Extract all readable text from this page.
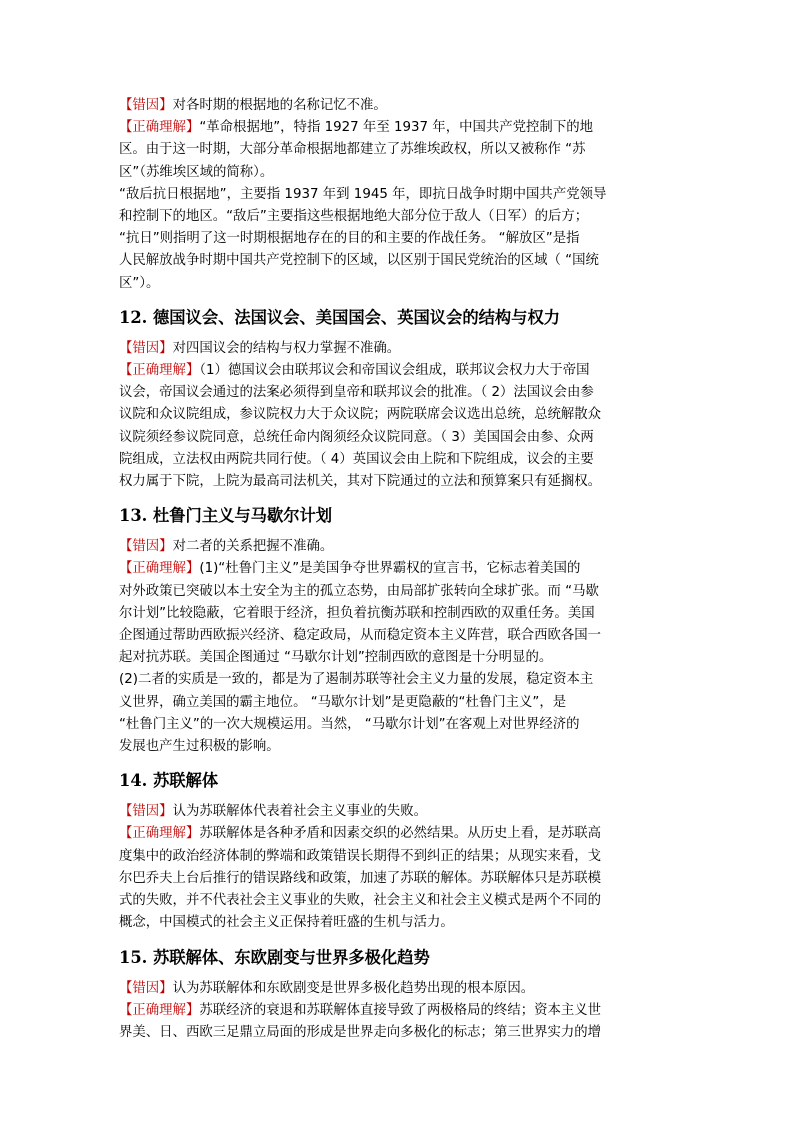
【错因】对各时期的根据地的名称记忆不准。

【正确理解】“革命根据地”，特指 1927 年至 1937 年，中国共产党控制下的地

区。由于这一时期，大部分革命根据地都建立了苏维埃政权，所以又被称作 “苏

区”（苏维埃区域的简称）。

“敌后抗日根据地”，主要指 1937 年到 1945 年，即抗日战争时期中国共产党领导

和控制下的地区。“敌后”主要指这些根据地绝大部分位于敌人（日军）的后方；

“抗日”则指明了这一时期根据地存在的目的和主要的作战任务。 “解放区”是指

人民解放战争时期中国共产党控制下的区域，以区别于国民党统治的区域（ “国统

区”）。

12. 德国议会、法国议会、美国国会、英国议会的结构与权力

【错因】对四国议会的结构与权力掌握不准确。

【正确理解】（1）德国议会由联邦议会和帝国议会组成，联邦议会权力大于帝国

议会，帝国议会通过的法案必须得到皇帝和联邦议会的批准。（ 2）法国议会由参

议院和众议院组成，参议院权力大于众议院；两院联席会议选出总统，总统解散众

议院须经参议院同意，总统任命内阁须经众议院同意。（ 3）美国国会由参、众两

院组成，立法权由两院共同行使。（ 4）英国议会由上院和下院组成，议会的主要

权力属于下院，上院为最高司法机关，其对下院通过的立法和预算案只有延搁权。

13. 杜鲁门主义与马歇尔计划

【错因】对二者的关系把握不准确。

【正确理解】(1)“杜鲁门主义”是美国争夺世界霸权的宣言书，它标志着美国的

对外政策已突破以本土安全为主的孤立态势，由局部扩张转向全球扩张。而 “马歇

尔计划”比较隐蔽，它着眼于经济，担负着抗衡苏联和控制西欧的双重任务。美国

企图通过帮助西欧振兴经济、稳定政局，从而稳定资本主义阵营，联合西欧各国一

起对抗苏联。美国企图通过 “马歇尔计划”控制西欧的意图是十分明显的。

(2)二者的实质是一致的，都是为了遏制苏联等社会主义力量的发展，稳定资本主

义世界，确立美国的霸主地位。 “马歇尔计划”是更隐蔽的“杜鲁门主义”，是

“杜鲁门主义”的一次大规模运用。当然， “马歇尔计划”在客观上对世界经济的

发展也产生过积极的影响。

14. 苏联解体

【错因】认为苏联解体代表着社会主义事业的失败。

【正确理解】苏联解体是各种矛盾和因素交织的必然结果。从历史上看，是苏联高

度集中的政治经济体制的弊端和政策错误长期得不到纠正的结果；从现实来看，戈

尔巴乔夫上台后推行的错误路线和政策，加速了苏联的解体。苏联解体只是苏联模

式的失败，并不代表社会主义事业的失败，社会主义和社会主义模式是两个不同的

概念，中国模式的社会主义正保持着旺盛的生机与活力。

15. 苏联解体、东欧剧变与世界多极化趋势

【错因】认为苏联解体和东欧剧变是世界多极化趋势出现的根本原因。

【正确理解】苏联经济的衰退和苏联解体直接导致了两极格局的终结；资本主义世

界美、日、西欧三足鼎立局面的形成是世界走向多极化的标志；第三世界实力的增
